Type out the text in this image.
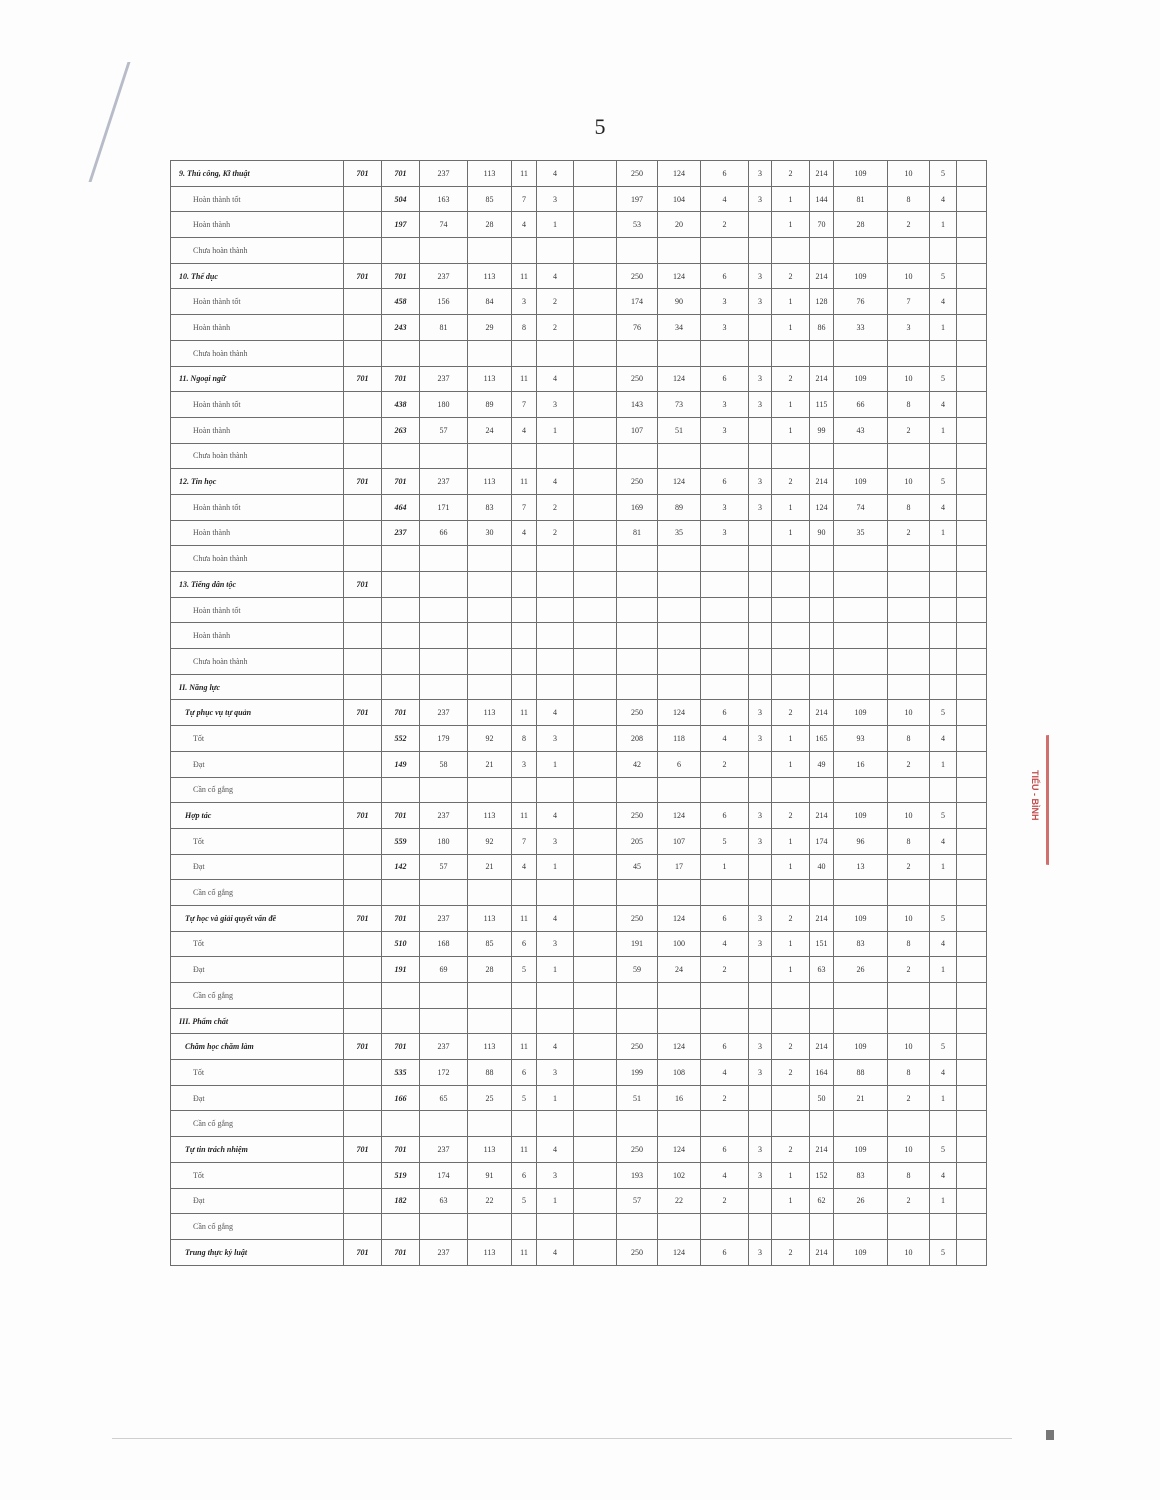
5
9. Thủ công, Kĩ thuật	701	701	237	113	11	4		250	124	6	3	2	214	109	10	5	
Hoàn thành tốt		504	163	85	7	3		197	104	4	3	1	144	81	8	4	
Hoàn thành		197	74	28	4	1		53	20	2		1	70	28	2	1	
Chưa hoàn thành																	
10. Thể dục	701	701	237	113	11	4		250	124	6	3	2	214	109	10	5	
Hoàn thành tốt		458	156	84	3	2		174	90	3	3	1	128	76	7	4	
Hoàn thành		243	81	29	8	2		76	34	3		1	86	33	3	1	
Chưa hoàn thành																	
11. Ngoại ngữ	701	701	237	113	11	4		250	124	6	3	2	214	109	10	5	
Hoàn thành tốt		438	180	89	7	3		143	73	3	3	1	115	66	8	4	
Hoàn thành		263	57	24	4	1		107	51	3		1	99	43	2	1	
Chưa hoàn thành																	
12. Tin học	701	701	237	113	11	4		250	124	6	3	2	214	109	10	5	
Hoàn thành tốt		464	171	83	7	2		169	89	3	3	1	124	74	8	4	
Hoàn thành		237	66	30	4	2		81	35	3		1	90	35	2	1	
Chưa hoàn thành																	
13. Tiếng dân tộc	701																
Hoàn thành tốt																	
Hoàn thành																	
Chưa hoàn thành																	
II. Năng lực																	
Tự phục vụ tự quản	701	701	237	113	11	4		250	124	6	3	2	214	109	10	5	
Tốt		552	179	92	8	3		208	118	4	3	1	165	93	8	4	
Đạt		149	58	21	3	1		42	6	2		1	49	16	2	1	
Cần cố gắng																	
Hợp tác	701	701	237	113	11	4		250	124	6	3	2	214	109	10	5	
Tốt		559	180	92	7	3		205	107	5	3	1	174	96	8	4	
Đạt		142	57	21	4	1		45	17	1		1	40	13	2	1	
Cần cố gắng																	
Tự học và giải quyết vấn đề	701	701	237	113	11	4		250	124	6	3	2	214	109	10	5	
Tốt		510	168	85	6	3		191	100	4	3	1	151	83	8	4	
Đạt		191	69	28	5	1		59	24	2		1	63	26	2	1	
Cần cố gắng																	
III. Phẩm chất																	
Chăm học chăm làm	701	701	237	113	11	4		250	124	6	3	2	214	109	10	5	
Tốt		535	172	88	6	3		199	108	4	3	2	164	88	8	4	
Đạt		166	65	25	5	1		51	16	2			50	21	2	1	
Cần cố gắng																	
Tự tin trách nhiệm	701	701	237	113	11	4		250	124	6	3	2	214	109	10	5	
Tốt		519	174	91	6	3		193	102	4	3	1	152	83	8	4	
Đạt		182	63	22	5	1		57	22	2		1	62	26	2	1	
Cần cố gắng																	
Trung thực kỷ luật	701	701	237	113	11	4		250	124	6	3	2	214	109	10	5	
TIỂU - BÌNH
